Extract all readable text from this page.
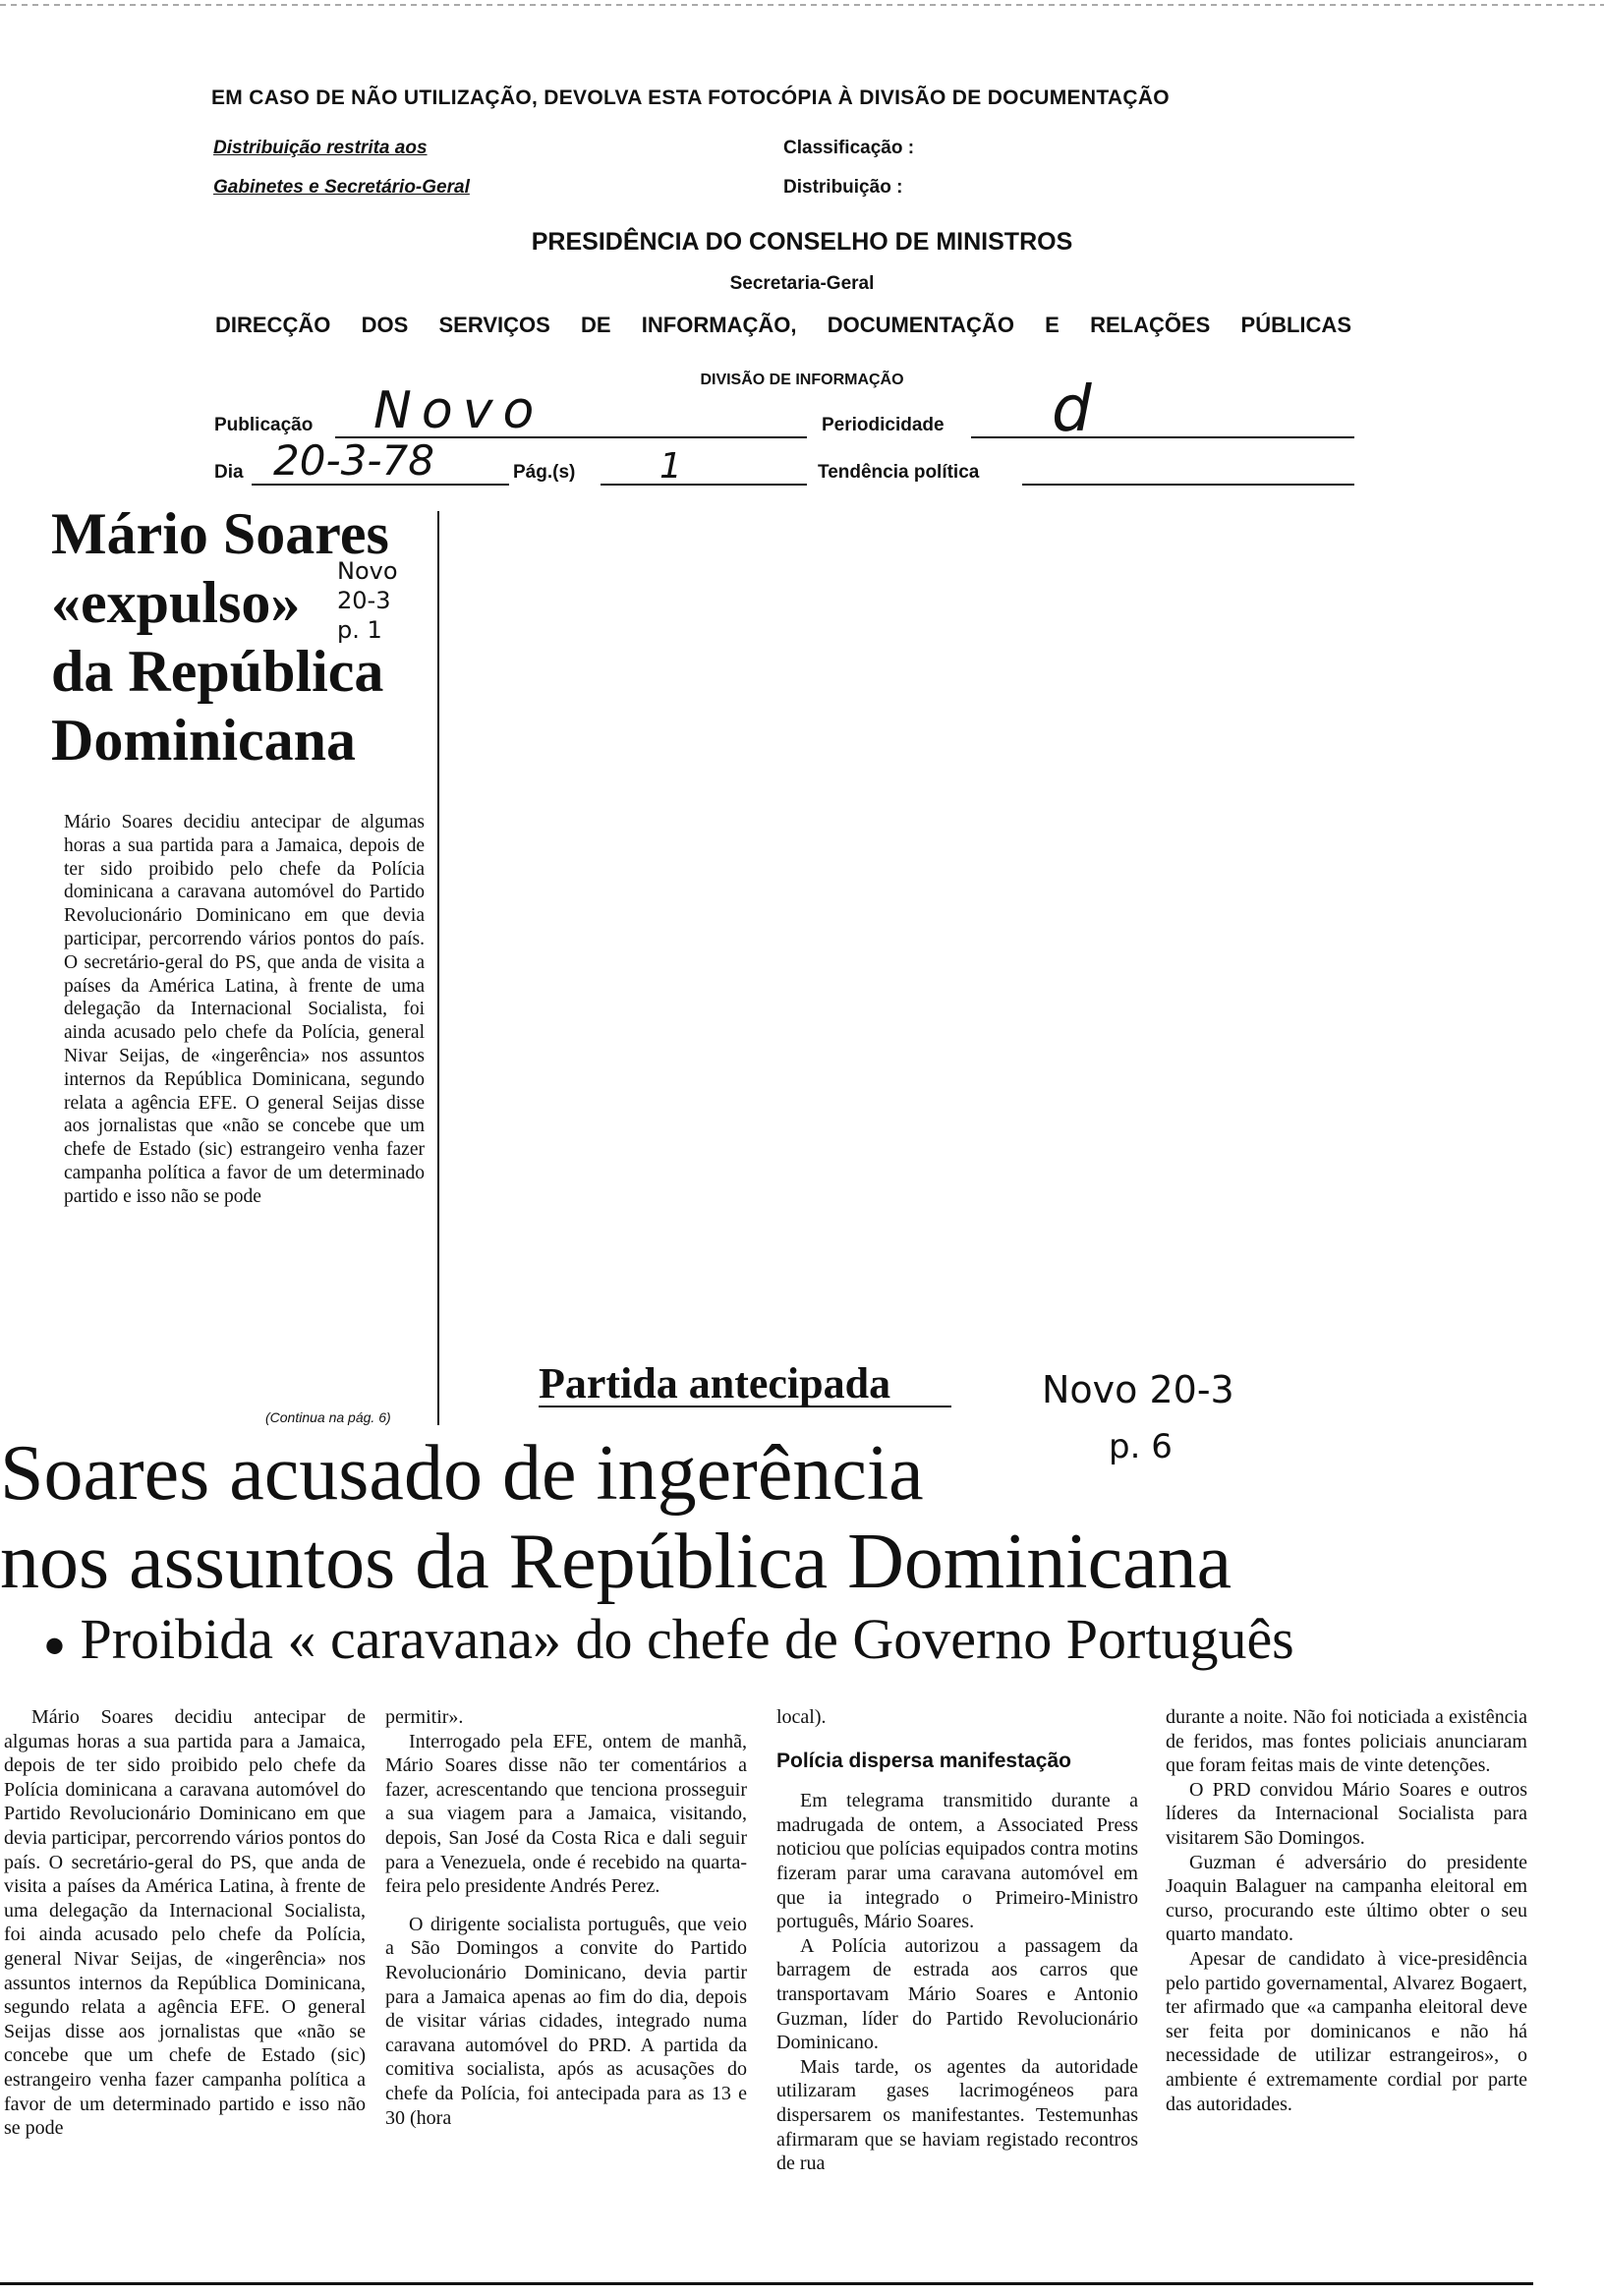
EM CASO DE NÃO UTILIZAÇÃO, DEVOLVA ESTA FOTOCÓPIA À DIVISÃO DE DOCUMENTAÇÃO
Distribuição restrita aos
Gabinetes e Secretário-Geral
Classificação :
Distribuição :
PRESIDÊNCIA DO CONSELHO DE MINISTROS
Secretaria-Geral
DIRECÇÃO DOS SERVIÇOS DE INFORMAÇÃO, DOCUMENTAÇÃO E RELAÇÕES PÚBLICAS
DIVISÃO DE INFORMAÇÃO
Publicação Novo	Periodicidade d
Dia 20-3-78	Pág.(s) 1	Tendência política
Mário Soares
«expulso»
da República
Dominicana
Novo
20-3
p. 1

Mário Soares decidiu antecipar de algumas horas a sua partida para a Jamaica, depois de ter sido proibido pelo chefe da Polícia dominicana a caravana automóvel do Partido Revolucionário Dominicano em que devia participar, percorrendo vários pontos do país. O secretário-geral do PS, que anda de visita a países da América Latina, à frente de uma delegação da Internacional Socialista, foi ainda acusado pelo chefe da Polícia, general Nivar Seijas, de «ingerência» nos assuntos internos da República Dominicana, segundo relata a agência EFE. O general Seijas disse aos jornalistas que «não se concebe que um chefe de Estado (sic) estrangeiro venha fazer campanha política a favor de um determinado partido e isso não se pode

(Continua na pág. 6)
Partida antecipada	Novo 20-3
p. 6
Soares acusado de ingerência
nos assuntos da República Dominicana
● Proibida « caravana» do chefe de Governo Português

Mário Soares decidiu antecipar de algumas horas a sua partida para a Jamaica, depois de ter sido proibido pelo chefe da Polícia dominicana a caravana automóvel do Partido Revolucionário Dominicano em que devia participar, percorrendo vários pontos do país. O secretário-geral do PS, que anda de visita a países da América Latina, à frente de uma delegação da Internacional Socialista, foi ainda acusado pelo chefe da Polícia, general Nivar Seijas, de «ingerência» nos assuntos internos da República Dominicana, segundo relata a agência EFE. O general Seijas disse aos jornalistas que «não se concebe que um chefe de Estado (sic) estrangeiro venha fazer campanha política a favor de um determinado partido e isso não se pode

permitir».

Interrogado pela EFE, ontem de manhã, Mário Soares disse não ter comentários a fazer, acrescentando que tenciona prosseguir a sua viagem para a Jamaica, visitando, depois, San José da Costa Rica e dali seguir para a Venezuela, onde é recebido na quarta-feira pelo presidente Andrés Perez.

O dirigente socialista português, que veio a São Domingos a convite do Partido Revolucionário Dominicano, devia partir para a Jamaica apenas ao fim do dia, depois de visitar várias cidades, integrado numa caravana automóvel do PRD. A partida da comitiva socialista, após as acusações do chefe da Polícia, foi antecipada para as 13 e 30 (hora

local).

Polícia dispersa manifestação

Em telegrama transmitido durante a madrugada de ontem, a Associated Press noticiou que polícias equipados contra motins fizeram parar uma caravana automóvel em que ia integrado o Primeiro-Ministro português, Mário Soares.

A Polícia autorizou a passagem da barragem de estrada aos carros que transportavam Mário Soares e Antonio Guzman, líder do Partido Revolucionário Dominicano.

Mais tarde, os agentes da autoridade utilizaram gases lacrimogéneos para dispersarem os manifestantes. Testemunhas afirmaram que se haviam registado recontros de rua

durante a noite. Não foi noticiada a existência de feridos, mas fontes policiais anunciaram que foram feitas mais de vinte detenções.

O PRD convidou Mário Soares e outros líderes da Internacional Socialista para visitarem São Domingos.

Guzman é adversário do presidente Joaquin Balaguer na campanha eleitoral em curso, procurando este último obter o seu quarto mandato.

Apesar de candidato à vice-presidência pelo partido governamental, Alvarez Bogaert, ter afirmado que «a campanha eleitoral deve ser feita por dominicanos e não há necessidade de utilizar estrangeiros», o ambiente é extremamente cordial por parte das autoridades.
